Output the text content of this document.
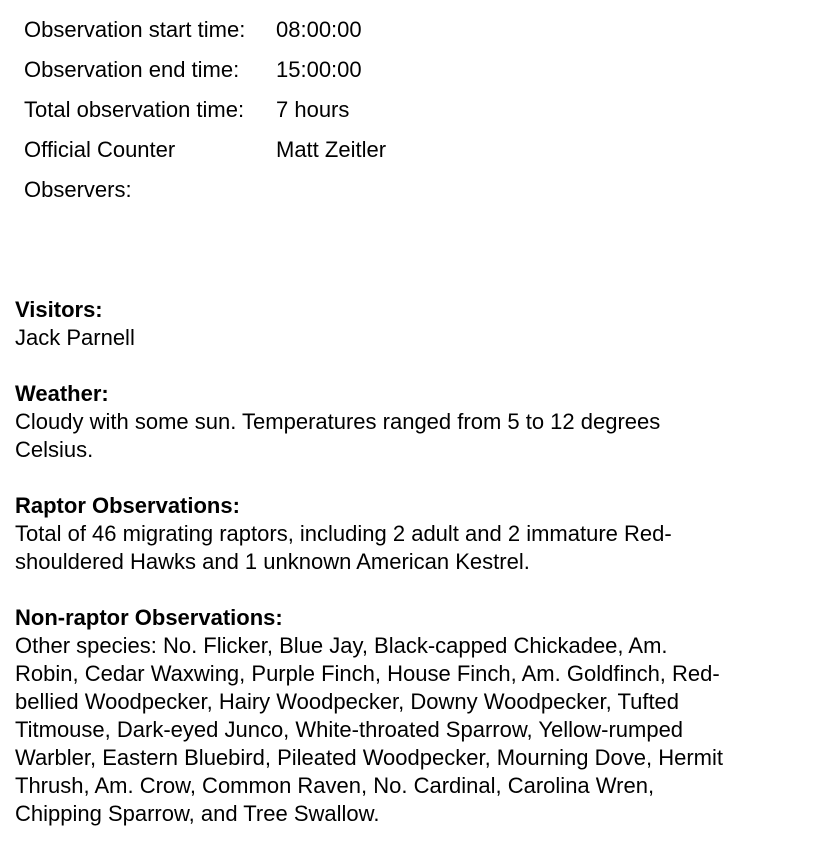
Observation start time:	08:00:00
Observation end time:	15:00:00
Total observation time:	7 hours
Official Counter	Matt Zeitler
Observers:	
Visitors:
Jack Parnell
Weather:
Cloudy with some sun. Temperatures ranged from 5 to 12 degrees
Celsius.
Raptor Observations:
Total of 46 migrating raptors, including 2 adult and 2 immature Red-
shouldered Hawks and 1 unknown American Kestrel.
Non-raptor Observations:
Other species: No. Flicker, Blue Jay, Black-capped Chickadee, Am.
Robin, Cedar Waxwing, Purple Finch, House Finch, Am. Goldfinch, Red-
bellied Woodpecker, Hairy Woodpecker, Downy Woodpecker, Tufted
Titmouse, Dark-eyed Junco, White-throated Sparrow, Yellow-rumped
Warbler, Eastern Bluebird, Pileated Woodpecker, Mourning Dove, Hermit
Thrush, Am. Crow, Common Raven, No. Cardinal, Carolina Wren,
Chipping Sparrow, and Tree Swallow.
